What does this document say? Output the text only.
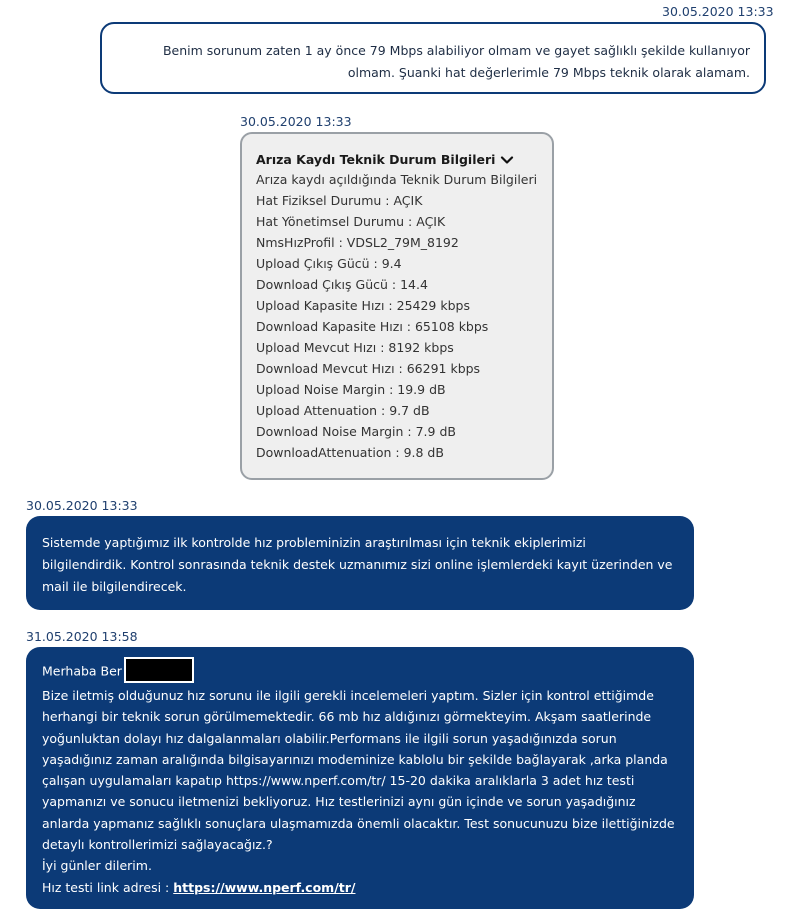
30.05.2020 13:33
Benim sorunum zaten 1 ay önce 79 Mbps alabiliyor olmam ve gayet sağlıklı şekilde kullanıyor
olmam. Şuanki hat değerlerimle 79 Mbps teknik olarak alamam.
30.05.2020 13:33
Arıza Kaydı Teknik Durum Bilgileri
Arıza kaydı açıldığında Teknik Durum Bilgileri
Hat Fiziksel Durumu : AÇIK
Hat Yönetimsel Durumu : AÇIK
NmsHızProfil : VDSL2_79M_8192
Upload Çıkış Gücü : 9.4
Download Çıkış Gücü : 14.4
Upload Kapasite Hızı : 25429 kbps
Download Kapasite Hızı : 65108 kbps
Upload Mevcut Hızı : 8192 kbps
Download Mevcut Hızı : 66291 kbps
Upload Noise Margin : 19.9 dB
Upload Attenuation : 9.7 dB
Download Noise Margin : 7.9 dB
DownloadAttenuation : 9.8 dB
30.05.2020 13:33
Sistemde yaptığımız ilk kontrolde hız probleminizin araştırılması için teknik ekiplerimizi
bilgilendirdik. Kontrol sonrasında teknik destek uzmanımız sizi online işlemlerdeki kayıt üzerinden ve
mail ile bilgilendirecek.
31.05.2020 13:58
Merhaba Ber
Bize iletmiş olduğunuz hız sorunu ile ilgili gerekli incelemeleri yaptım. Sizler için kontrol ettiğimde
herhangi bir teknik sorun görülmemektedir. 66 mb hız aldığınızı görmekteyim. Akşam saatlerinde
yoğunluktan dolayı hız dalgalanmaları olabilir.Performans ile ilgili sorun yaşadığınızda sorun
yaşadığınız zaman aralığında bilgisayarınızı modeminize kablolu bir şekilde bağlayarak ,arka planda
çalışan uygulamaları kapatıp https://www.nperf.com/tr/ 15-20 dakika aralıklarla 3 adet hız testi
yapmanızı ve sonucu iletmenizi bekliyoruz. Hız testlerinizi aynı gün içinde ve sorun yaşadığınız
anlarda yapmanız sağlıklı sonuçlara ulaşmamızda önemli olacaktır. Test sonucunuzu bize ilettiğinizde
detaylı kontrollerimizi sağlayacağız.?
İyi günler dilerim.
Hız testi link adresi : https://www.nperf.com/tr/
